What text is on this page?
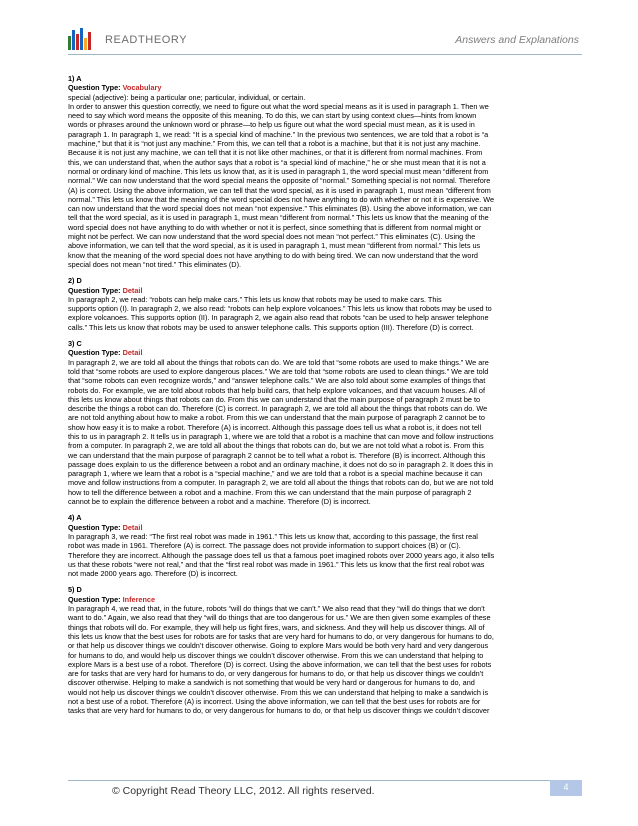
READTHEORY	Answers and Explanations

1) A

Question Type: Vocabulary

special (adjective): being a particular one; particular, individual, or certain.

In order to answer this question correctly, we need to figure out what the word special means as it is used in paragraph 1. Then we

need to say which word means the opposite of this meaning. To do this, we can start by using context clues—hints from known

words or phrases around the unknown word or phrase—to help us figure out what the word special must mean, as it is used in

paragraph 1. In paragraph 1, we read: “It is a special kind of machine.” In the previous two sentences, we are told that a robot is “a

machine,” but that it is “not just any machine.” From this, we can tell that a robot is a machine, but that it is not just any machine.

Because it is not just any machine, we can tell that it is not like other machines, or that it is different from normal machines. From

this, we can understand that, when the author says that a robot is “a special kind of machine,” he or she must mean that it is not a

normal or ordinary kind of machine. This lets us know that, as it is used in paragraph 1, the word special must mean “different from

normal.” We can now understand that the word special means the opposite of “normal.” Something special is not normal. Therefore

(A) is correct. Using the above information, we can tell that the word special, as it is used in paragraph 1, must mean “different from

normal.” This lets us know that the meaning of the word special does not have anything to do with whether or not it is expensive. We

can now understand that the word special does not mean “not expensive.” This eliminates (B). Using the above information, we can

tell that the word special, as it is used in paragraph 1, must mean “different from normal.” This lets us know that the meaning of the

word special does not have anything to do with whether or not it is perfect, since something that is different from normal might or

might not be perfect. We can now understand that the word special does not mean “not perfect.” This eliminates (C). Using the

above information, we can tell that the word special, as it is used in paragraph 1, must mean “different from normal.” This lets us

know that the meaning of the word special does not have anything to do with being tired. We can now understand that the word

special does not mean “not tired.” This eliminates (D).

2) D

Question Type: Detail

In paragraph 2, we read: “robots can help make cars.” This lets us know that robots may be used to make cars. This

supports option (I). In paragraph 2, we also read: “robots can help explore volcanoes.” This lets us know that robots may be used to

explore volcanoes. This supports option (II). In paragraph 2, we again also read that robots “can be used to help answer telephone

calls.” This lets us know that robots may be used to answer telephone calls. This supports option (III). Therefore (D) is correct.

3) C

Question Type: Detail

In paragraph 2, we are told all about the things that robots can do. We are told that “some robots are used to make things.” We are

told that “some robots are used to explore dangerous places.” We are told that “some robots are used to clean things.” We are told

that “some robots can even recognize words,” and “answer telephone calls.” We are also told about some examples of things that

robots do. For example, we are told about robots that help build cars, that help explore volcanoes, and that vacuum houses. All of

this lets us know about things that robots can do. From this we can understand that the main purpose of paragraph 2 must be to

describe the things a robot can do. Therefore (C) is correct. In paragraph 2, we are told all about the things that robots can do. We

are not told anything about how to make a robot. From this we can understand that the main purpose of paragraph 2 cannot be to

show how easy it is to make a robot. Therefore (A) is incorrect. Although this passage does tell us what a robot is, it does not tell

this to us in paragraph 2. It tells us in paragraph 1, where we are told that a robot is a machine that can move and follow instructions

from a computer. In paragraph 2, we are told all about the things that robots can do, but we are not told what a robot is. From this

we can understand that the main purpose of paragraph 2 cannot be to tell what a robot is. Therefore (B) is incorrect. Although this

passage does explain to us the difference between a robot and an ordinary machine, it does not do so in paragraph 2. It does this in

paragraph 1, where we learn that a robot is a “special machine,” and we are told that a robot is a special machine because it can

move and follow instructions from a computer. In paragraph 2, we are told all about the things that robots can do, but we are not told

how to tell the difference between a robot and a machine. From this we can understand that the main purpose of paragraph 2

cannot be to explain the difference between a robot and a machine. Therefore (D) is incorrect.

4) A

Question Type: Detail

In paragraph 3, we read: “The first real robot was made in 1961.” This lets us know that, according to this passage, the first real

robot was made in 1961. Therefore (A) is correct. The passage does not provide information to support choices (B) or (C).

Therefore they are incorrect. Although the passage does tell us that a famous poet imagined robots over 2000 years ago, it also tells

us that these robots “were not real,” and that the “first real robot was made in 1961.” This lets us know that the first real robot was

not made 2000 years ago. Therefore (D) is incorrect.

5) D

Question Type: Inference

In paragraph 4, we read that, in the future, robots “will do things that we can’t.” We also read that they “will do things that we don’t

want to do.” Again, we also read that they “will do things that are too dangerous for us.” We are then given some examples of these

things that robots will do. For example, they will help us fight fires, wars, and sickness. And they will help us discover things. All of

this lets us know that the best uses for robots are for tasks that are very hard for humans to do, or very dangerous for humans to do,

or that help us discover things we couldn’t discover otherwise. Going to explore Mars would be both very hard and very dangerous

for humans to do, and would help us discover things we couldn’t discover otherwise. From this we can understand that helping to

explore Mars is a best use of a robot. Therefore (D) is correct. Using the above information, we can tell that the best uses for robots

are for tasks that are very hard for humans to do, or very dangerous for humans to do, or that help us discover things we couldn’t

discover otherwise. Helping to make a sandwich is not something that would be very hard or dangerous for humans to do, and

would not help us discover things we couldn’t discover otherwise. From this we can understand that helping to make a sandwich is

not a best use of a robot. Therefore (A) is incorrect. Using the above information, we can tell that the best uses for robots are for

tasks that are very hard for humans to do, or very dangerous for humans to do, or that help us discover things we couldn’t discover

4
© Copyright Read Theory LLC, 2012. All rights reserved.
